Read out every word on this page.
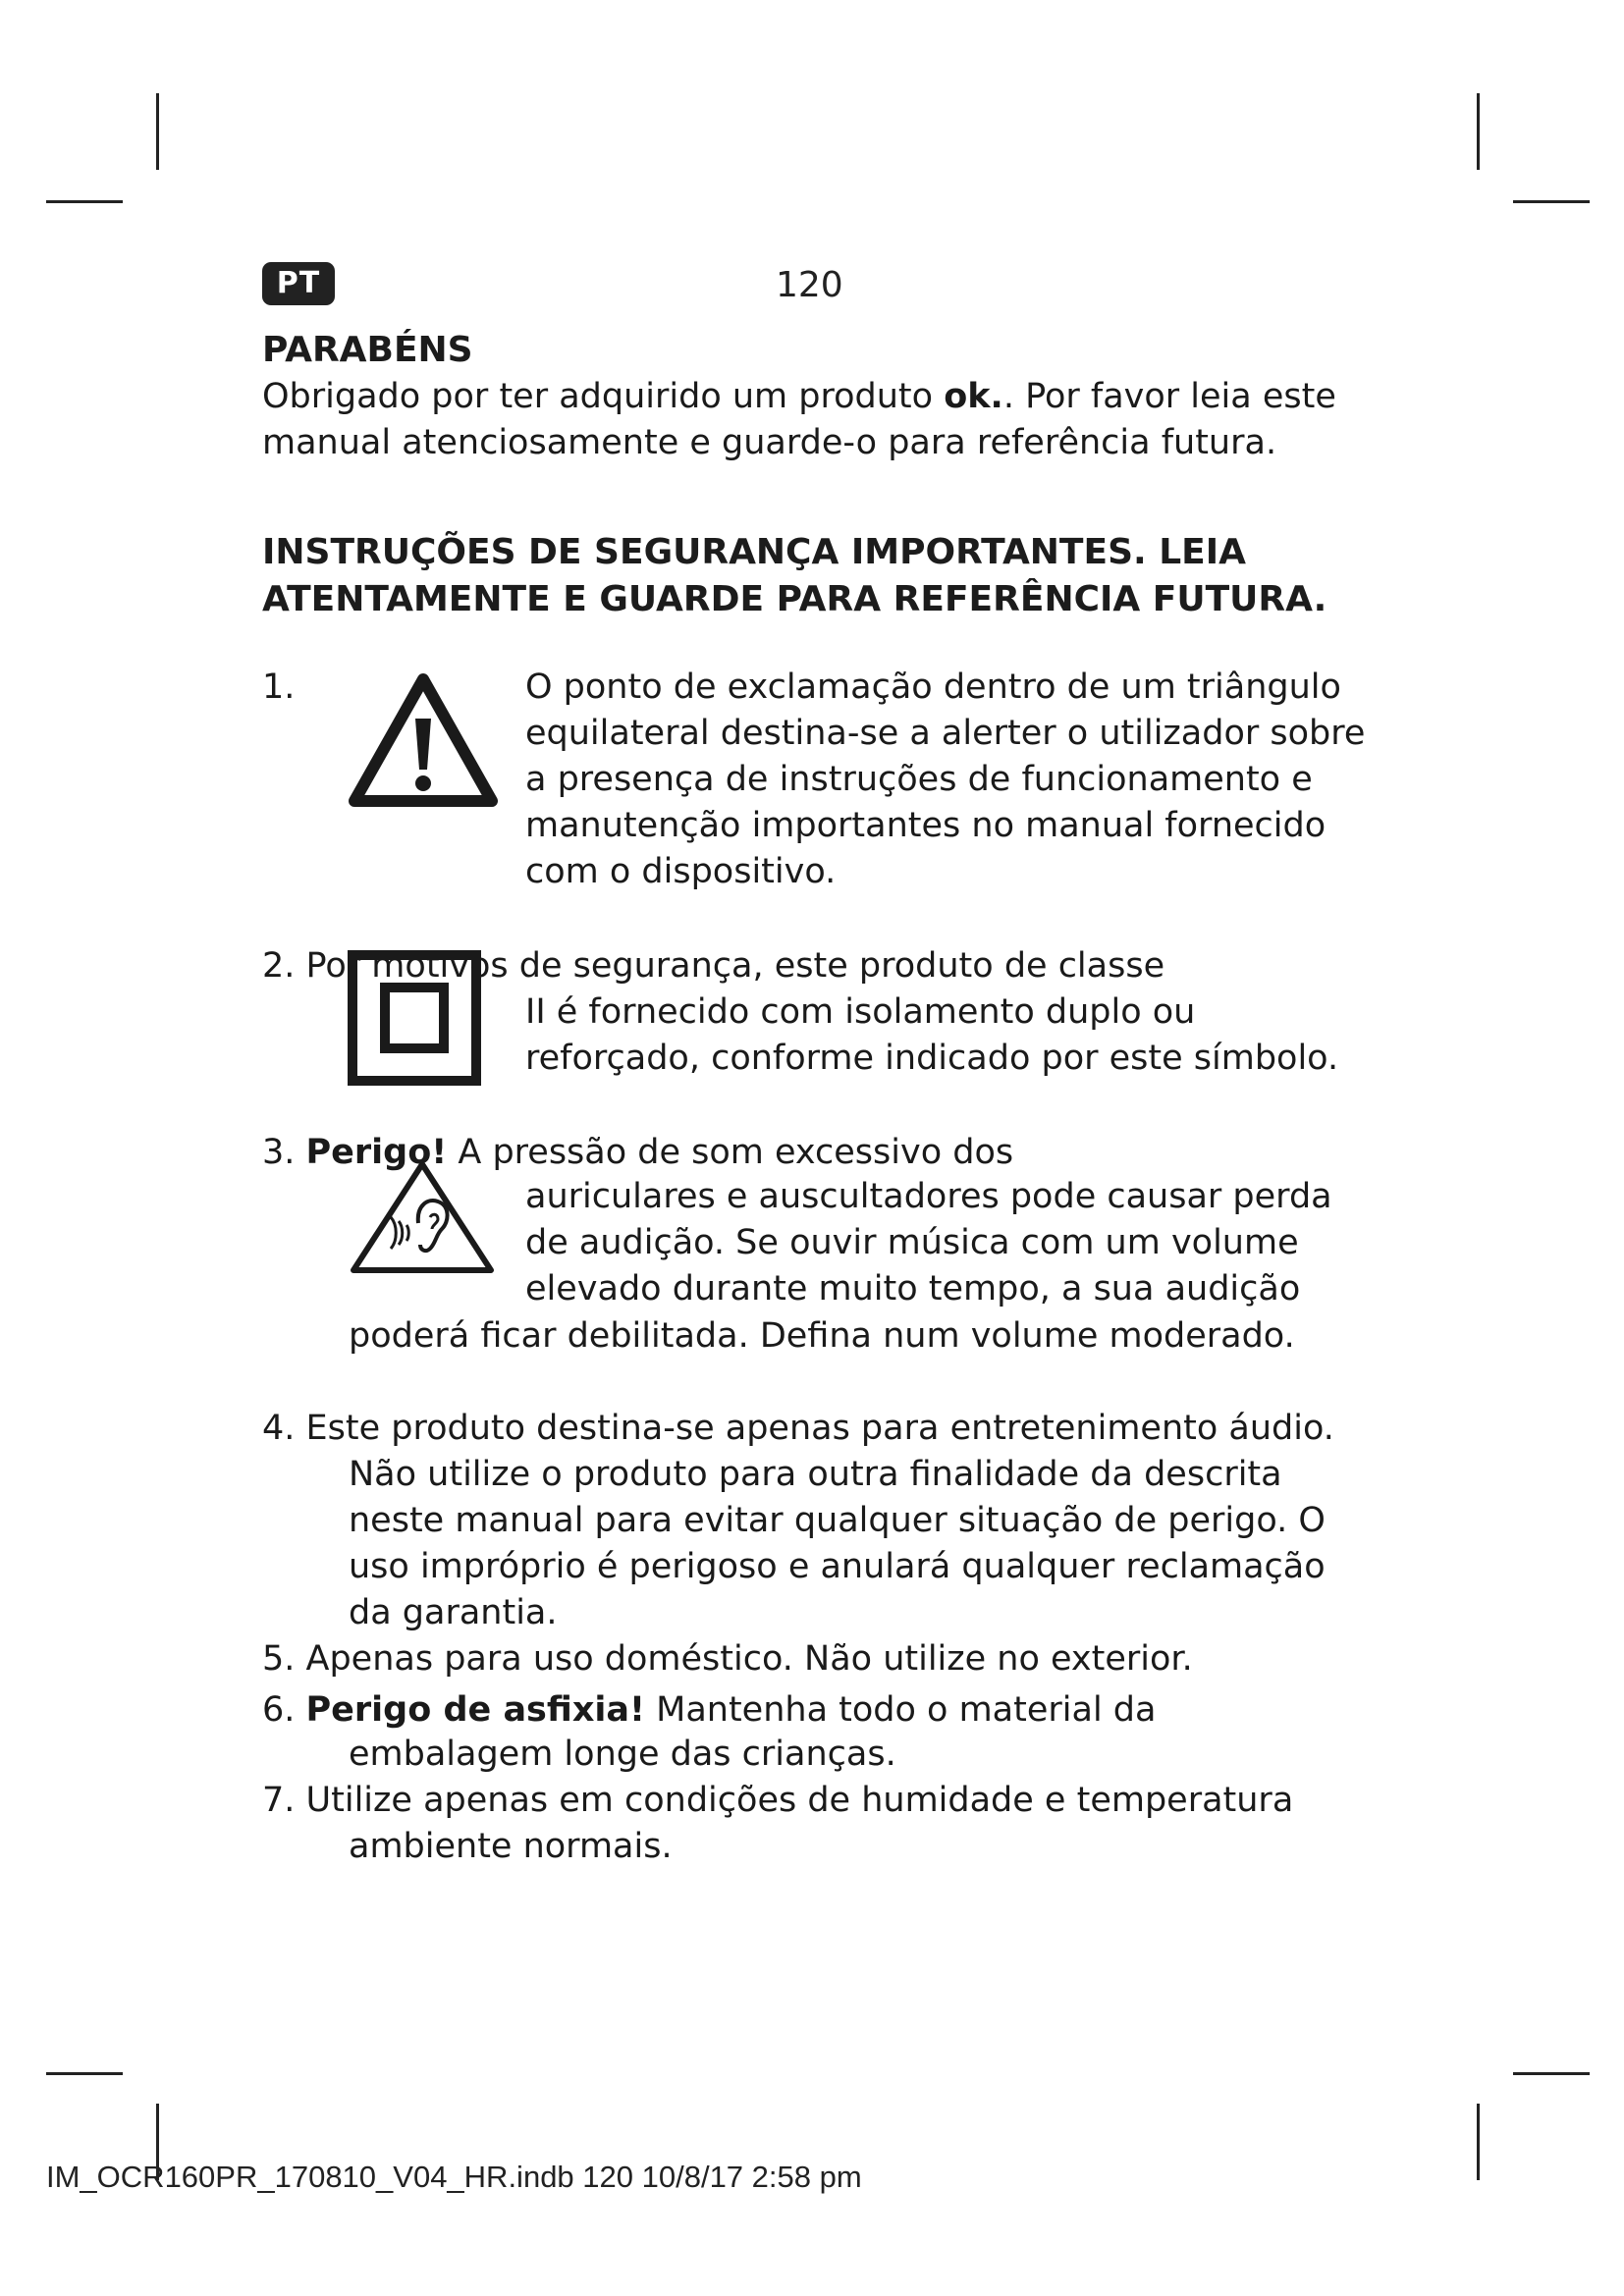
PT	120
PARABÉNS
Obrigado por ter adquirido um produto ok.. Por favor leia este
manual atenciosamente e guarde-o para referência futura.
INSTRUÇÕES DE SEGURANÇA IMPORTANTES. LEIA
ATENTAMENTE E GUARDE PARA REFERÊNCIA FUTURA.
1.	O ponto de exclamação dentro de um triângulo
equilateral destina-se a alerter o utilizador sobre
a presença de instruções de funcionamento e
manutenção importantes no manual fornecido
com o dispositivo.
2. Por motivos de segurança, este produto de classe
II é fornecido com isolamento duplo ou
reforçado, conforme indicado por este símbolo.
3. Perigo! A pressão de som excessivo dos
auriculares e auscultadores pode causar perda
de audição. Se ouvir música com um volume
elevado durante muito tempo, a sua audição
poderá ficar debilitada. Defina num volume moderado.
4. Este produto destina-se apenas para entretenimento áudio.
Não utilize o produto para outra finalidade da descrita
neste manual para evitar qualquer situação de perigo. O
uso impróprio é perigoso e anulará qualquer reclamação
da garantia.
5. Apenas para uso doméstico. Não utilize no exterior.
6. Perigo de asfixia! Mantenha todo o material da
embalagem longe das crianças.
7. Utilize apenas em condições de humidade e temperatura
ambiente normais.
IM_OCR160PR_170810_V04_HR.indb 120 10/8/17 2:58 pm
